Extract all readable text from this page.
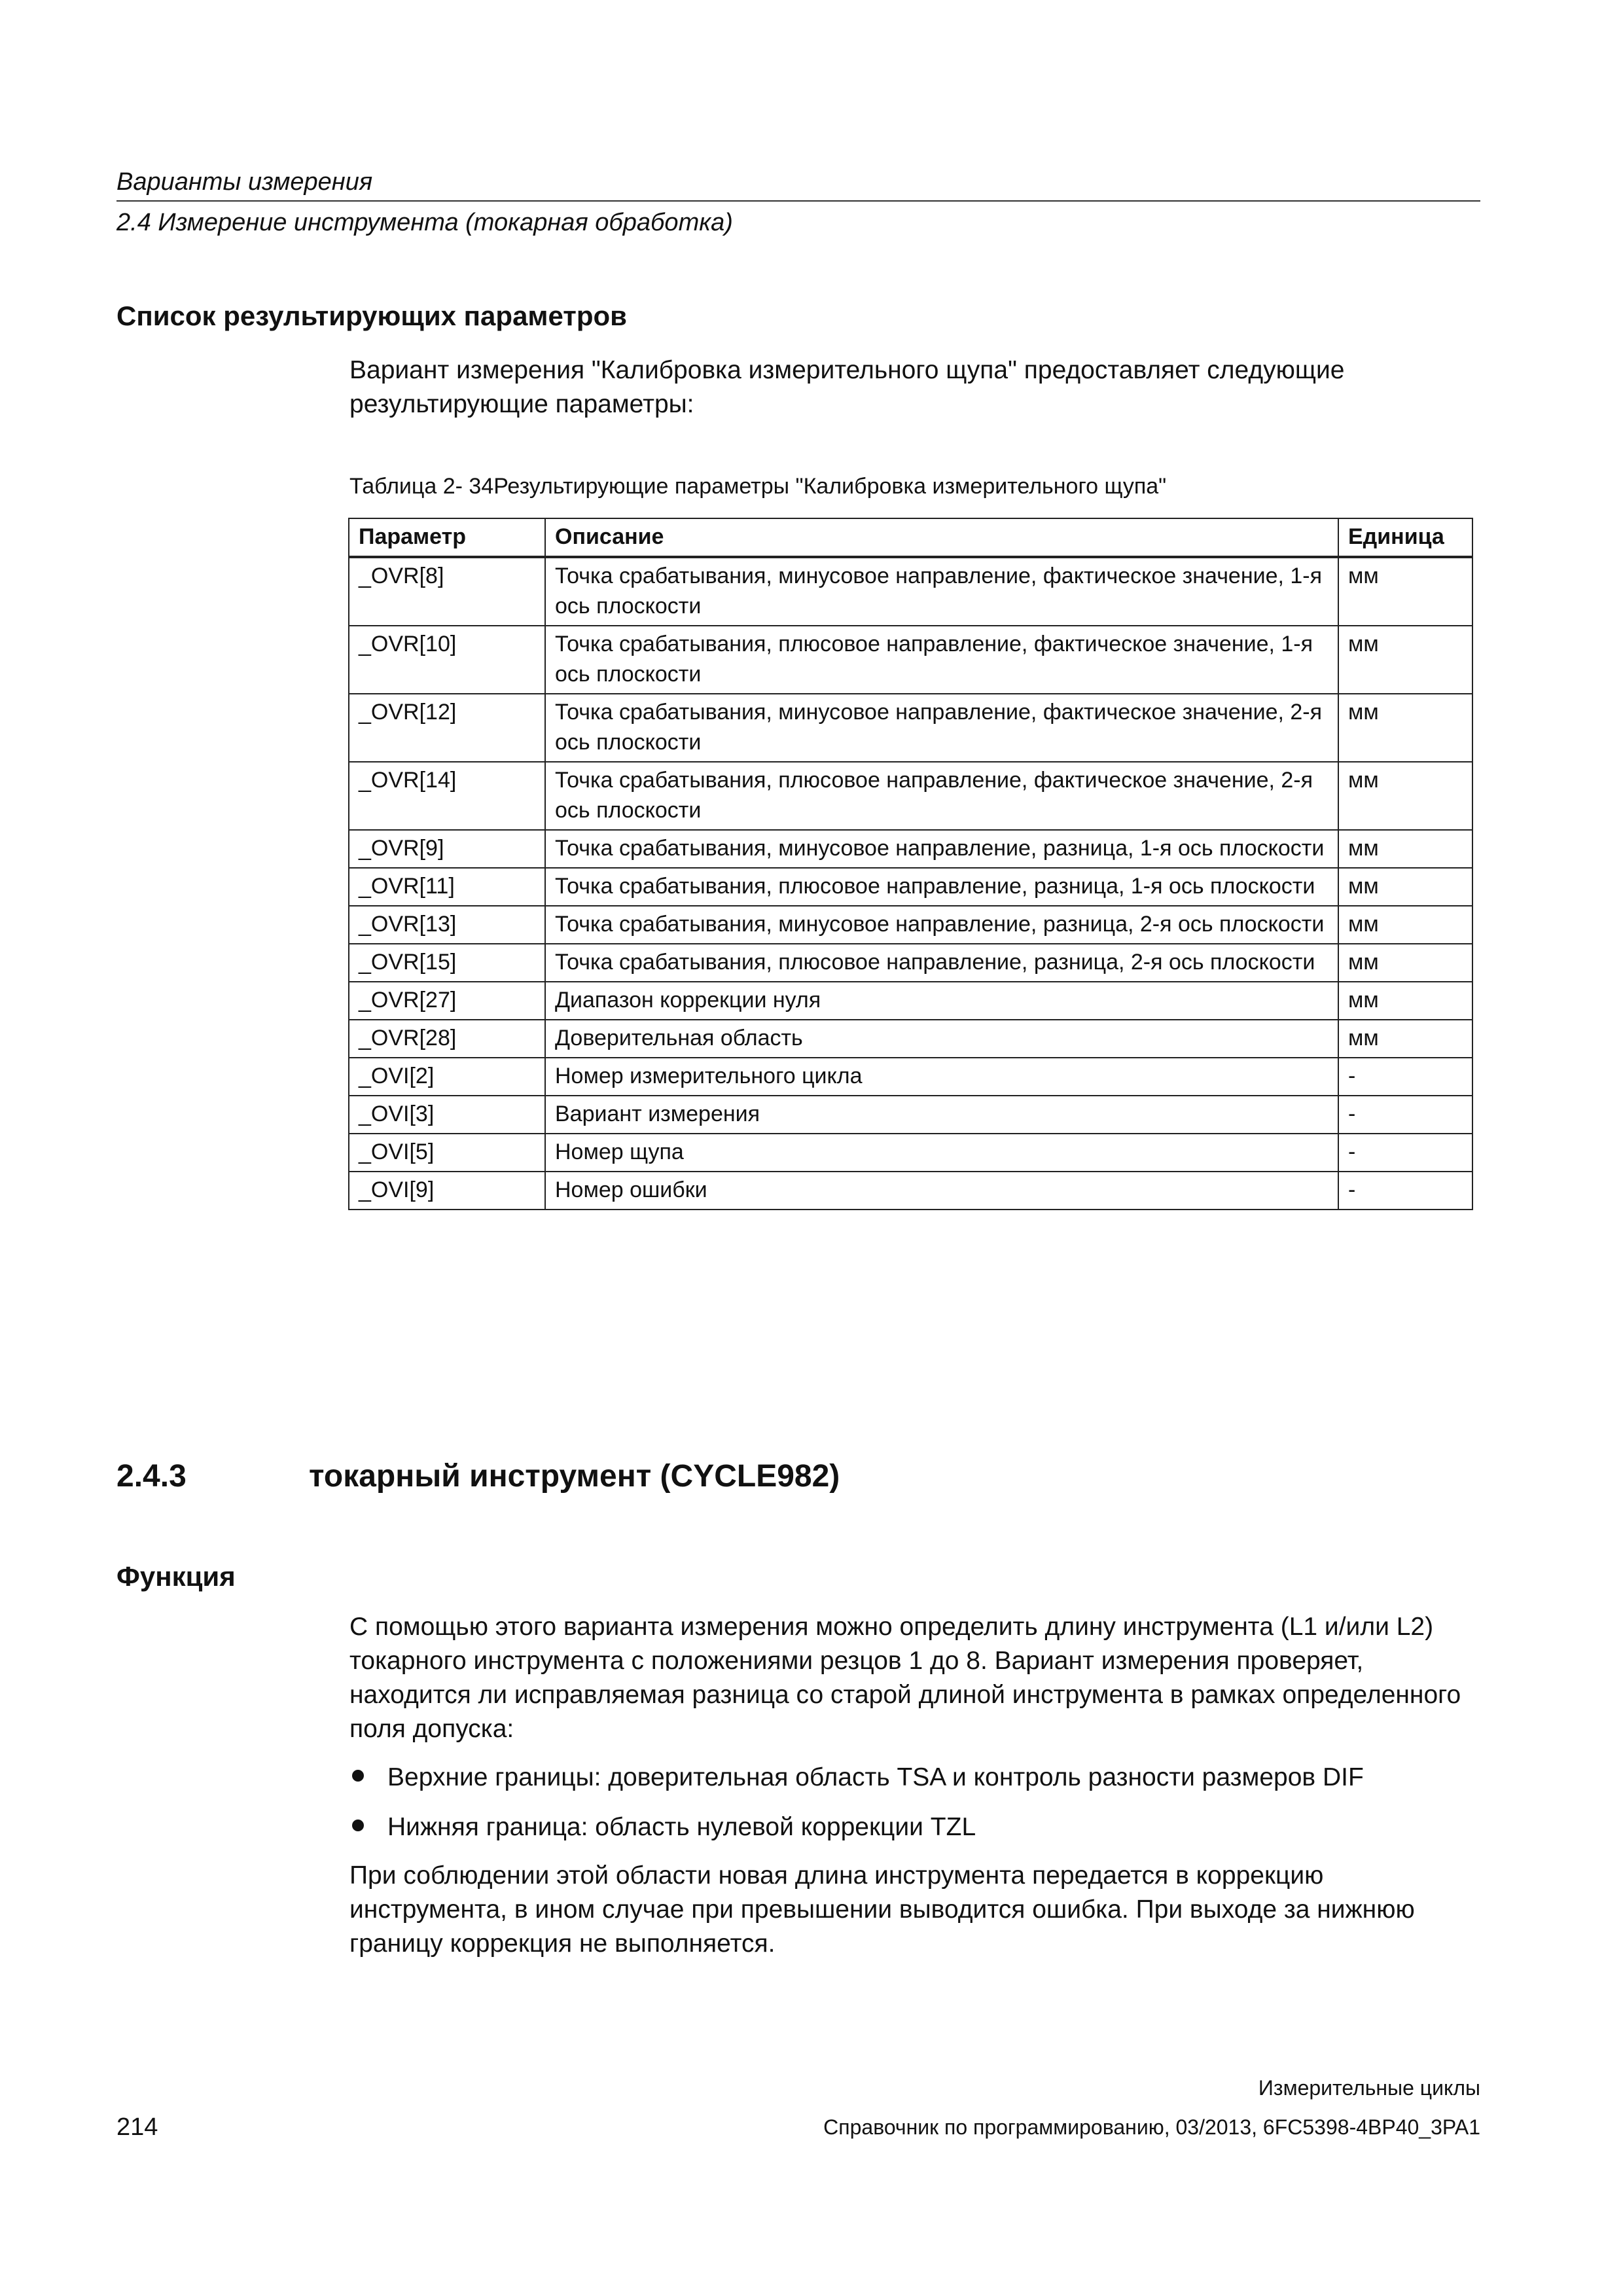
Варианты измерения
2.4 Измерение инструмента (токарная обработка)
Список результирующих параметров

Вариант измерения "Калибровка измерительного щупа" предоставляет следующие результирующие параметры:

Таблица 2- 34Результирующие параметры "Калибровка измерительного щупа"

Параметр	Описание	Единица
_OVR[8]	Точка срабатывания, минусовое направление, фактическое значение, 1-я ось плоскости	мм
_OVR[10]	Точка срабатывания, плюсовое направление, фактическое значение, 1-я ось плоскости	мм
_OVR[12]	Точка срабатывания, минусовое направление, фактическое значение, 2-я ось плоскости	мм
_OVR[14]	Точка срабатывания, плюсовое направление, фактическое значение, 2-я ось плоскости	мм
_OVR[9]	Точка срабатывания, минусовое направление, разница, 1-я ось плоскости	мм
_OVR[11]	Точка срабатывания, плюсовое направление, разница, 1-я ось плоскости	мм
_OVR[13]	Точка срабатывания, минусовое направление, разница, 2-я ось плоскости	мм
_OVR[15]	Точка срабатывания, плюсовое направление, разница, 2-я ось плоскости	мм
_OVR[27]	Диапазон коррекции нуля	мм
_OVR[28]	Доверительная область	мм
_OVI[2]	Номер измерительного цикла	-
_OVI[3]	Вариант измерения	-
_OVI[5]	Номер щупа	-
_OVI[9]	Номер ошибки	-
2.4.3	токарный инструмент (CYCLE982)
Функция

С помощью этого варианта измерения можно определить длину инструмента (L1 и/или L2) токарного инструмента с положениями резцов 1 до 8. Вариант измерения проверяет, находится ли исправляемая разница со старой длиной инструмента в рамках определенного поля допуска:

Верхние границы: доверительная область TSA и контроль разности размеров DIF
Нижняя граница: область нулевой коррекции TZL

При соблюдении этой области новая длина инструмента передается в коррекцию инструмента, в ином случае при превышении выводится ошибка. При выходе за нижнюю границу коррекция не выполняется.

Измерительные циклы

214	Справочник по программированию, 03/2013, 6FC5398-4BP40_3PA1
